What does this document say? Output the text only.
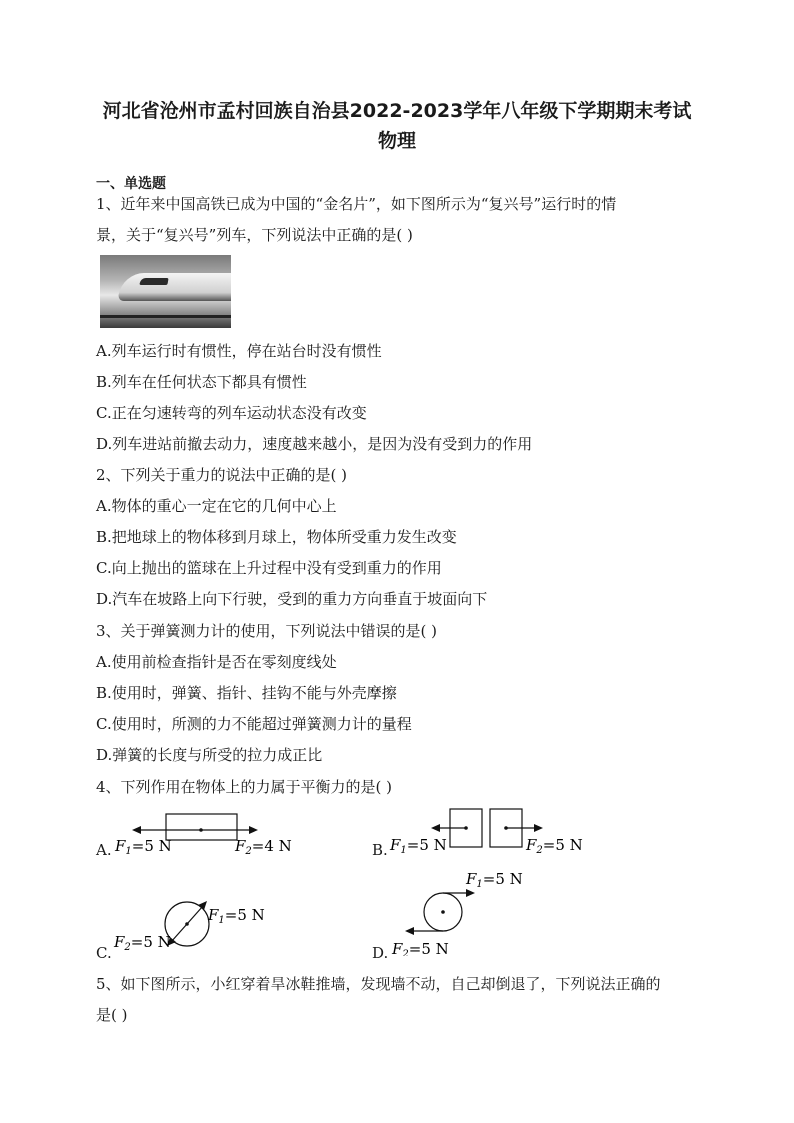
河北省沧州市孟村回族自治县2022-2023学年八年级下学期期末考试
物理
一、单选题
1、近年来中国高铁已成为中国的“金名片”，如下图所示为“复兴号”运行时的情
景，关于“复兴号”列车，下列说法中正确的是( )
A.列车运行时有惯性，停在站台时没有惯性
B.列车在任何状态下都具有惯性
C.正在匀速转弯的列车运动状态没有改变
D.列车进站前撤去动力，速度越来越小，是因为没有受到力的作用
2、下列关于重力的说法中正确的是( )
A.物体的重心一定在它的几何中心上
B.把地球上的物体移到月球上，物体所受重力发生改变
C.向上抛出的篮球在上升过程中没有受到重力的作用
D.汽车在坡路上向下行驶，受到的重力方向垂直于坡面向下
3、关于弹簧测力计的使用，下列说法中错误的是( )
A.使用前检查指针是否在零刻度线处
B.使用时，弹簧、指针、挂钩不能与外壳摩擦
C.使用时，所测的力不能超过弹簧测力计的量程
D.弹簧的长度与所受的拉力成正比
4、下列作用在物体上的力属于平衡力的是( )
A.	B.
C.	D.
$F_1=5$ N	$F_2=4$ N	$F_1=5$ N	$F_2=5$ N
$F_1=5$ N
$F_2=5$ N
$F_1=5$ N
$F_2=5$ N
5、如下图所示，小红穿着旱冰鞋推墙，发现墙不动，自己却倒退了，下列说法正确的
是( )
